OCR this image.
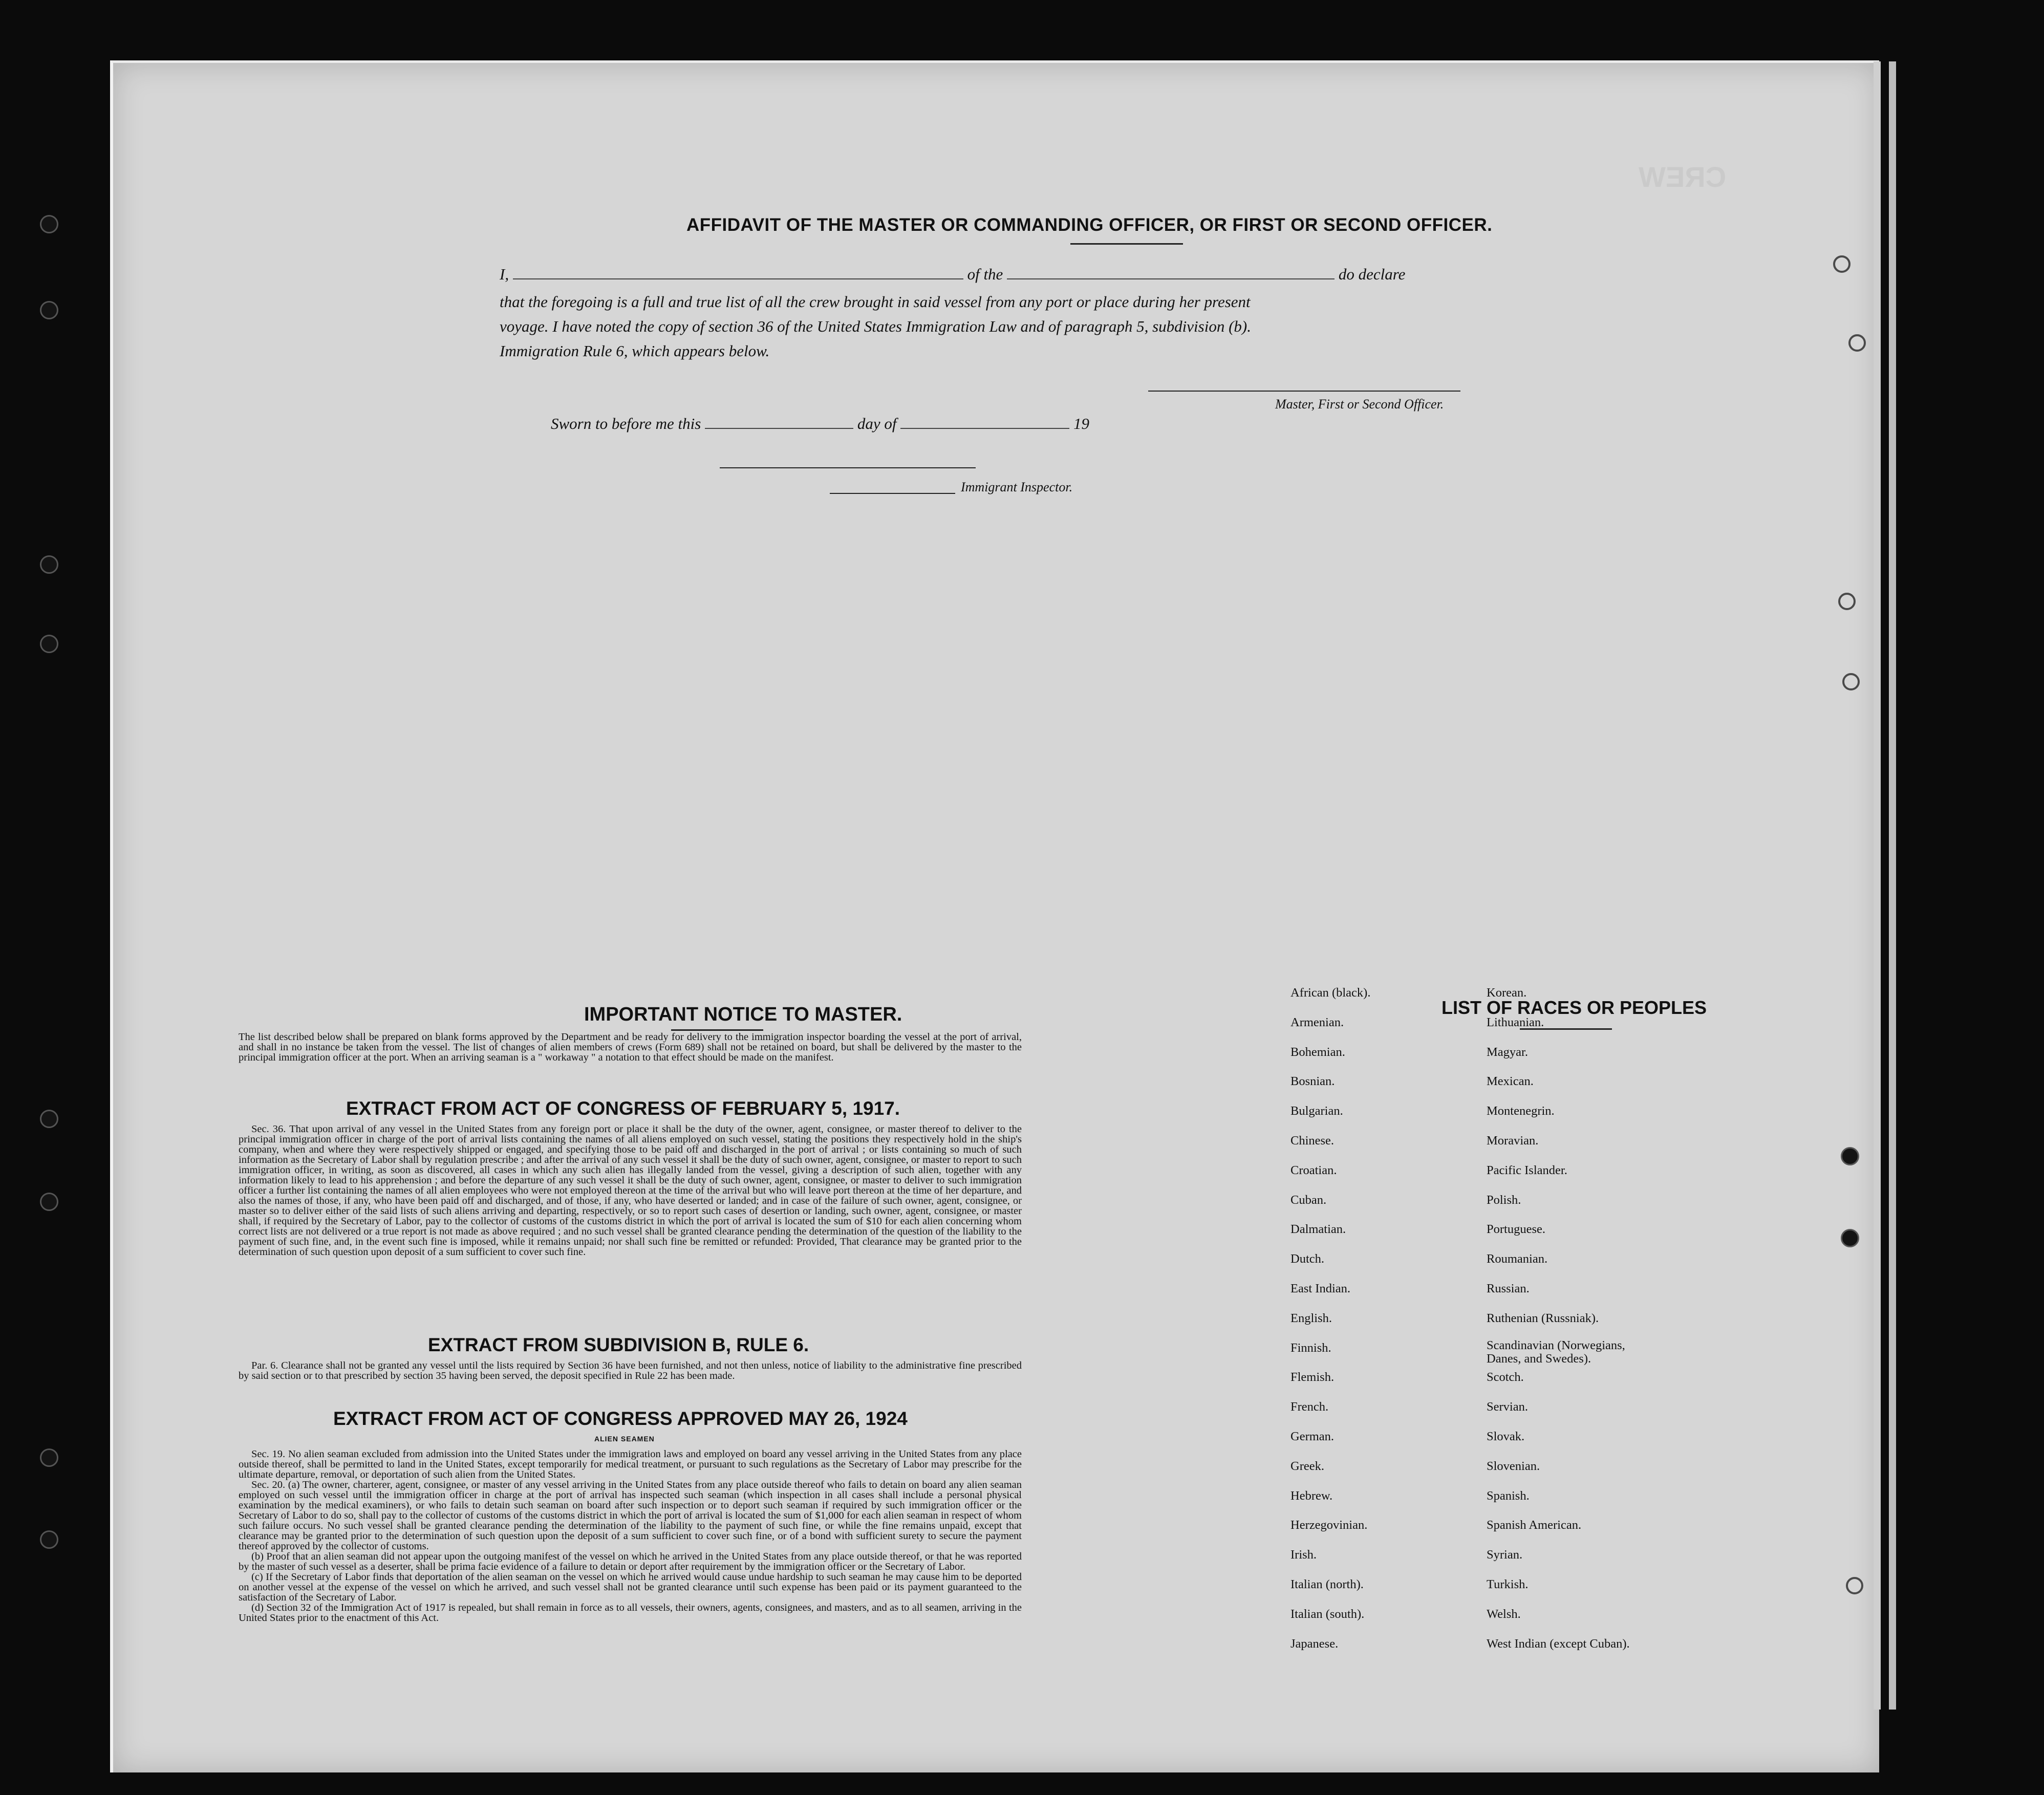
CREW
AFFIDAVIT OF THE MASTER OR COMMANDING OFFICER, OR FIRST OR SECOND OFFICER.
I,	of the	do declare
that the foregoing is a full and true list of all the crew brought in said vessel from any port or place during her present
voyage. I have noted the copy of section 36 of the United States Immigration Law and of paragraph 5, subdivision (b).
Immigration Rule 6, which appears below.
Master, First or Second Officer.
Sworn to before me this	day of	19
Immigrant Inspector.
IMPORTANT NOTICE TO MASTER.
The list described below shall be prepared on blank forms approved by the Department and be ready for delivery to the immigration inspector boarding the vessel at the port of arrival, and shall in no instance be taken from the vessel. The list of changes of alien members of crews (Form 689) shall not be retained on board, but shall be delivered by the master to the principal immigration officer at the port. When an arriving seaman is a " workaway " a notation to that effect should be made on the manifest.
EXTRACT FROM ACT OF CONGRESS OF FEBRUARY 5, 1917.
Sec. 36. That upon arrival of any vessel in the United States from any foreign port or place it shall be the duty of the owner, agent, consignee, or master thereof to deliver to the principal immigration officer in charge of the port of arrival lists containing the names of all aliens employed on such vessel, stating the positions they respectively hold in the ship's company, when and where they were respectively shipped or engaged, and specifying those to be paid off and discharged in the port of arrival ; or lists containing so much of such information as the Secretary of Labor shall by regulation prescribe ; and after the arrival of any such vessel it shall be the duty of such owner, agent, consignee, or master to report to such immigration officer, in writing, as soon as discovered, all cases in which any such alien has illegally landed from the vessel, giving a description of such alien, together with any information likely to lead to his apprehension ; and before the departure of any such vessel it shall be the duty of such owner, agent, consignee, or master to deliver to such immigration officer a further list containing the names of all alien employees who were not employed thereon at the time of the arrival but who will leave port thereon at the time of her departure, and also the names of those, if any, who have been paid off and discharged, and of those, if any, who have deserted or landed; and in case of the failure of such owner, agent, consignee, or master so to deliver either of the said lists of such aliens arriving and departing, respectively, or so to report such cases of desertion or landing, such owner, agent, consignee, or master shall, if required by the Secretary of Labor, pay to the collector of customs of the customs district in which the port of arrival is located the sum of $10 for each alien concerning whom correct lists are not delivered or a true report is not made as above required ; and no such vessel shall be granted clearance pending the determination of the question of the liability to the payment of such fine, and, in the event such fine is imposed, while it remains unpaid; nor shall such fine be remitted or refunded: Provided, That clearance may be granted prior to the determination of such question upon deposit of a sum sufficient to cover such fine.
EXTRACT FROM SUBDIVISION B, RULE 6.
Par. 6. Clearance shall not be granted any vessel until the lists required by Section 36 have been furnished, and not then unless, notice of liability to the administrative fine prescribed by said section or to that prescribed by section 35 having been served, the deposit specified in Rule 22 has been made.
EXTRACT FROM ACT OF CONGRESS APPROVED MAY 26, 1924
ALIEN SEAMEN
Sec. 19. No alien seaman excluded from admission into the United States under the immigration laws and employed on board any vessel arriving in the United States from any place outside thereof, shall be permitted to land in the United States, except temporarily for medical treatment, or pursuant to such regulations as the Secretary of Labor may prescribe for the ultimate departure, removal, or deportation of such alien from the United States.
Sec. 20. (a) The owner, charterer, agent, consignee, or master of any vessel arriving in the United States from any place outside thereof who fails to detain on board any alien seaman employed on such vessel until the immigration officer in charge at the port of arrival has inspected such seaman (which inspection in all cases shall include a personal physical examination by the medical examiners), or who fails to detain such seaman on board after such inspection or to deport such seaman if required by such immigration officer or the Secretary of Labor to do so, shall pay to the collector of customs of the customs district in which the port of arrival is located the sum of $1,000 for each alien seaman in respect of whom such failure occurs. No such vessel shall be granted clearance pending the determination of the liability to the payment of such fine, or while the fine remains unpaid, except that clearance may be granted prior to the determination of such question upon the deposit of a sum sufficient to cover such fine, or of a bond with sufficient surety to secure the payment thereof approved by the collector of customs.
(b) Proof that an alien seaman did not appear upon the outgoing manifest of the vessel on which he arrived in the United States from any place outside thereof, or that he was reported by the master of such vessel as a deserter, shall be prima facie evidence of a failure to detain or deport after requirement by the immigration officer or the Secretary of Labor.
(c) If the Secretary of Labor finds that deportation of the alien seaman on the vessel on which he arrived would cause undue hardship to such seaman he may cause him to be deported on another vessel at the expense of the vessel on which he arrived, and such vessel shall not be granted clearance until such expense has been paid or its payment guaranteed to the satisfaction of the Secretary of Labor.
(d) Section 32 of the Immigration Act of 1917 is repealed, but shall remain in force as to all vessels, their owners, agents, consignees, and masters, and as to all seamen, arriving in the United States prior to the enactment of this Act.
LIST OF RACES OR PEOPLES
African (black).
Armenian.
Bohemian.
Bosnian.
Bulgarian.
Chinese.
Croatian.
Cuban.
Dalmatian.
Dutch.
East Indian.
English.
Finnish.
Flemish.
French.
German.
Greek.
Hebrew.
Herzegovinian.
Irish.
Italian (north).
Italian (south).
Japanese.
Korean.
Lithuanian.
Magyar.
Mexican.
Montenegrin.
Moravian.
Pacific Islander.
Polish.
Portuguese.
Roumanian.
Russian.
Ruthenian (Russniak).
Scandinavian (Norwegians, Danes, and Swedes).
Scotch.
Servian.
Slovak.
Slovenian.
Spanish.
Spanish American.
Syrian.
Turkish.
Welsh.
West Indian (except Cuban).
